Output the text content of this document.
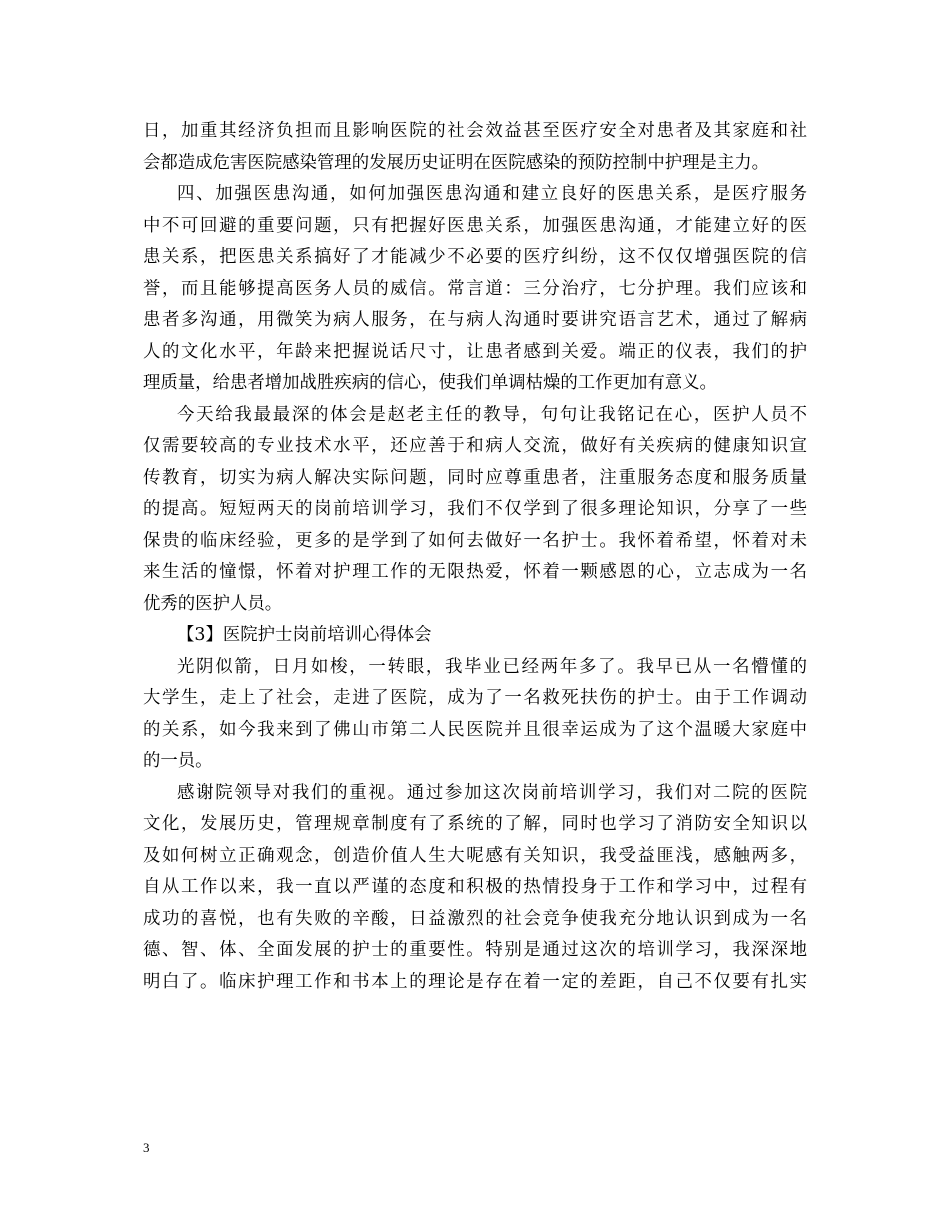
日，加重其经济负担而且影响医院的社会效益甚至医疗安全对患者及其家庭和社
会都造成危害医院感染管理的发展历史证明在医院感染的预防控制中护理是主力。
四、加强医患沟通，如何加强医患沟通和建立良好的医患关系，是医疗服务
中不可回避的重要问题，只有把握好医患关系，加强医患沟通，才能建立好的医
患关系，把医患关系搞好了才能减少不必要的医疗纠纷，这不仅仅增强医院的信
誉，而且能够提高医务人员的威信。常言道：三分治疗，七分护理。我们应该和
患者多沟通，用微笑为病人服务，在与病人沟通时要讲究语言艺术，通过了解病
人的文化水平，年龄来把握说话尺寸，让患者感到关爱。端正的仪表，我们的护
理质量，给患者增加战胜疾病的信心，使我们单调枯燥的工作更加有意义。
今天给我最最深的体会是赵老主任的教导，句句让我铭记在心，医护人员不
仅需要较高的专业技术水平，还应善于和病人交流，做好有关疾病的健康知识宣
传教育，切实为病人解决实际问题，同时应尊重患者，注重服务态度和服务质量
的提高。短短两天的岗前培训学习，我们不仅学到了很多理论知识，分享了一些
保贵的临床经验，更多的是学到了如何去做好一名护士。我怀着希望，怀着对未
来生活的憧憬，怀着对护理工作的无限热爱，怀着一颗感恩的心，立志成为一名
优秀的医护人员。
【3】医院护士岗前培训心得体会
光阴似箭，日月如梭，一转眼，我毕业已经两年多了。我早已从一名懵懂的
大学生，走上了社会，走进了医院，成为了一名救死扶伤的护士。由于工作调动
的关系，如今我来到了佛山市第二人民医院并且很幸运成为了这个温暖大家庭中
的一员。
感谢院领导对我们的重视。通过参加这次岗前培训学习，我们对二院的医院
文化，发展历史，管理规章制度有了系统的了解，同时也学习了消防安全知识以
及如何树立正确观念，创造价值人生大呢感有关知识，我受益匪浅，感触两多，
自从工作以来，我一直以严谨的态度和积极的热情投身于工作和学习中，过程有
成功的喜悦，也有失败的辛酸，日益激烈的社会竞争使我充分地认识到成为一名
德、智、体、全面发展的护士的重要性。特别是通过这次的培训学习，我深深地
明白了。临床护理工作和书本上的理论是存在着一定的差距，自己不仅要有扎实
3
